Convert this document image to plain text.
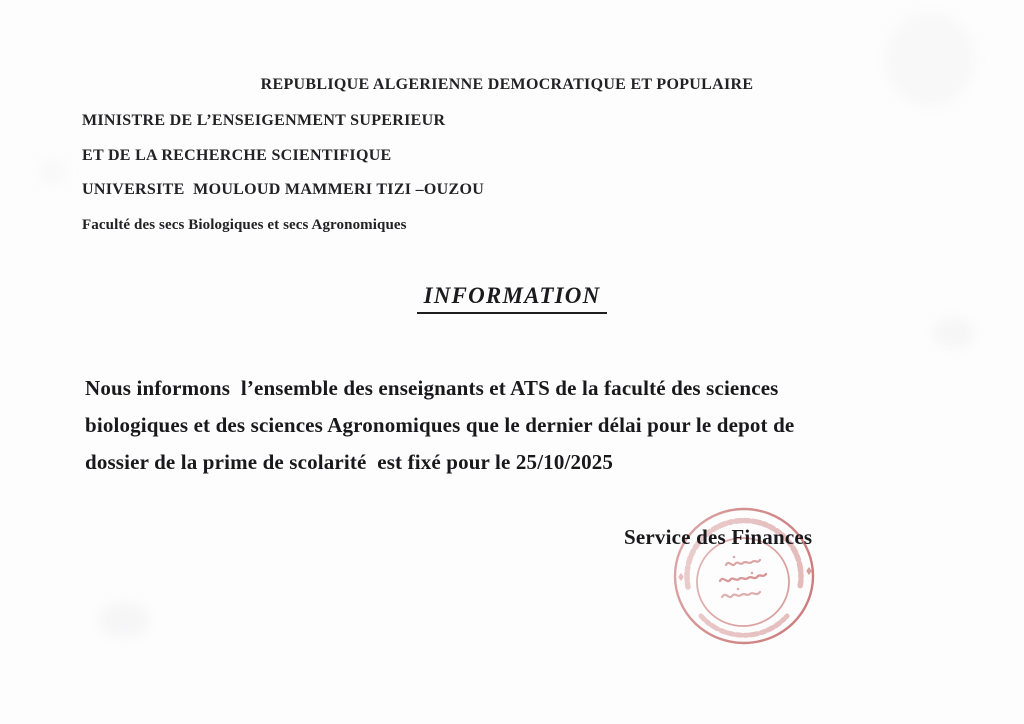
REPUBLIQUE ALGERIENNE DEMOCRATIQUE ET POPULAIRE
MINISTRE DE L’ENSEIGENMENT SUPERIEUR
ET DE LA RECHERCHE SCIENTIFIQUE
UNIVERSITE  MOULOUD MAMMERI TIZI –OUZOU
Faculté des secs Biologiques et secs Agronomiques
INFORMATION
Nous informons  l’ensemble des enseignants et ATS de la faculté des sciences
biologiques et des sciences Agronomiques que le dernier délai pour le depot de
dossier de la prime de scolarité  est fixé pour le 25/10/2025
Service des Finances
